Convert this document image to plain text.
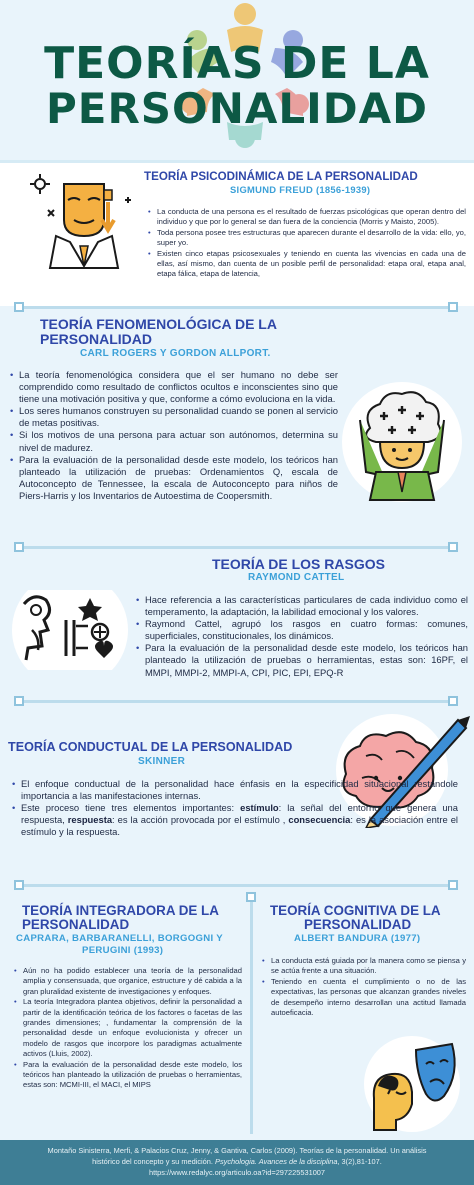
TEORÍAS DE LA
PERSONALIDAD
TEORÍA PSICODINÁMICA DE LA PERSONALIDAD
SIGMUND FREUD (1856-1939)
• La conducta de una persona es el resultado de fuerzas psicológicas que operan dentro del individuo y que por lo general se dan fuera de la conciencia (Morris y Maisto, 2005).
• Toda persona posee tres estructuras que aparecen durante el desarrollo de la vida: ello, yo, super yo.
• Existen cinco etapas psicosexuales y teniendo en cuenta las vivencias en cada una de ellas, así mismo, dan cuenta de un posible perfil de personalidad: etapa oral, etapa anal, etapa fálica, etapa de latencia,
TEORÍA FENOMENOLÓGICA DE LA
PERSONALIDAD
CARL ROGERS Y GORDON ALLPORT.
• La teoría fenomenológica considera que el ser humano no debe ser comprendido como resultado de conflictos ocultos e inconscientes sino que tiene una motivación positiva y que, conforme a cómo evoluciona en la vida.
• Los seres humanos construyen su personalidad cuando se ponen al servicio de metas positivas.
• Si los motivos de una persona para actuar son autónomos, determina su nivel de madurez.
• Para la evaluación de la personalidad desde este modelo, los teóricos han planteado la utilización de pruebas: Ordenamientos Q, escala de Autoconcepto de Tennessee, la escala de Autoconcepto para niños de Piers-Harris y los Inventarios de Autoestima de Coopersmith.
TEORÍA DE LOS RASGOS
RAYMOND CATTEL
• Hace referencia a las características particulares de cada individuo como el temperamento, la adaptación, la labilidad emocional y los valores.
• Raymond Cattel, agrupó los rasgos en cuatro formas: comunes, superficiales, constitucionales, los dinámicos.
• Para la evaluación de la personalidad desde este modelo, los teóricos han planteado la utilización de pruebas o herramientas, estas son: 16PF, el MMPI, MMPI-2, MMPI-A, CPI, PIC, EPI, EPQ-R
TEORÍA CONDUCTUAL DE LA PERSONALIDAD
SKINNER
• El enfoque conductual de la personalidad hace énfasis en la especificidad situacional restándole importancia a las manifestaciones internas.
• Este proceso tiene tres elementos importantes: estímulo: la señal del entorno que genera una respuesta, respuesta: es la acción provocada por el estímulo , consecuencia: es la asociación entre el estímulo y la respuesta.
TEORÍA INTEGRADORA DE LA
PERSONALIDAD
CAPRARA, BARBARANELLI, BORGOGNI Y
PERUGINI (1993)
• Aún no ha podido establecer una teoría de la personalidad amplia y consensuada, que organice, estructure y dé cabida a la gran pluralidad existente de investigaciones y enfoques.
• La teoría Integradora plantea objetivos, definir la personalidad a partir de la identificación teórica de los factores o facetas de las grandes dimensiones; , fundamentar la comprensión de la personalidad desde un enfoque evolucionista y ofrecer un modelo de rasgos que incorpore los paradigmas actualmente activos (Lluis, 2002).
• Para la evaluación de la personalidad desde este modelo, los teóricos han planteado la utilización de pruebas o herramientas, estas son: MCMI-III, el MACI, el MIPS
TEORÍA COGNITIVA DE LA
PERSONALIDAD
ALBERT BANDURA (1977)
• La conducta está guiada por la manera como se piensa y se actúa frente a una situación.
• Teniendo en cuenta el cumplimiento o no de las expectativas, las personas que alcanzan grandes niveles de desempeño interno desarrollan una actitud llamada autoeficacia.
Montaño Sinisterra, Merfi, & Palacios Cruz, Jenny, & Gantiva, Carlos (2009). Teorías de la personalidad. Un análisis
histórico del concepto y su medición. Psychologia. Avances de la disciplina, 3(2),81-107.
https://www.redalyc.org/articulo.oa?id=297225531007
